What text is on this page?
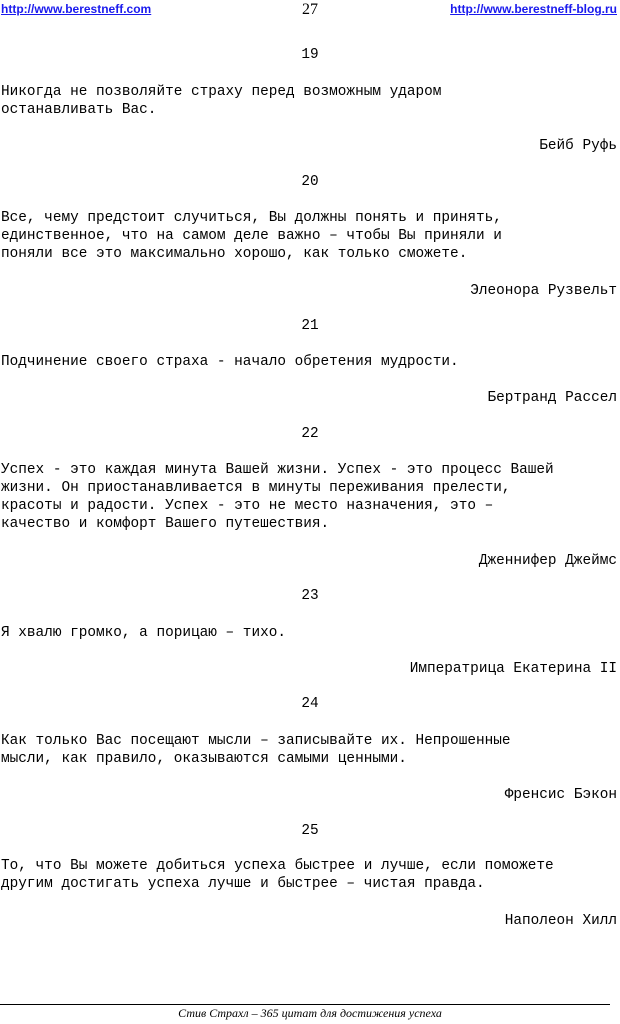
http://www.berestneff.com	27	http://www.berestneff-blog.ru
19
Никогда не позволяйте страху перед возможным ударом
останавливать Вас.
Бейб Руфь
20
Все, чему предстоит случиться, Вы должны понять и принять,
единственное, что на самом деле важно – чтобы Вы приняли и
поняли все это максимально хорошо, как только сможете.
Элеонора Рузвельт
21
Подчинение своего страха - начало обретения мудрости.
Бертранд Рассел
22
Успех - это каждая минута Вашей жизни. Успех - это процесс Вашей
жизни. Он приостанавливается в минуты переживания прелести,
красоты и радости. Успех - это не место назначения, это –
качество и комфорт Вашего путешествия.
Дженнифер Джеймс
23
Я хвалю громко, а порицаю – тихо.
Императрица Екатерина II
24
Как только Вас посещают мысли – записывайте их. Непрошенные
мысли, как правило, оказываются самыми ценными.
Френсис Бэкон
25
То, что Вы можете добиться успеха быстрее и лучше, если поможете
другим достигать успеха лучше и быстрее – чистая правда.
Наполеон Хилл
Стив Страхл – 365 цитат для достижения успеха
